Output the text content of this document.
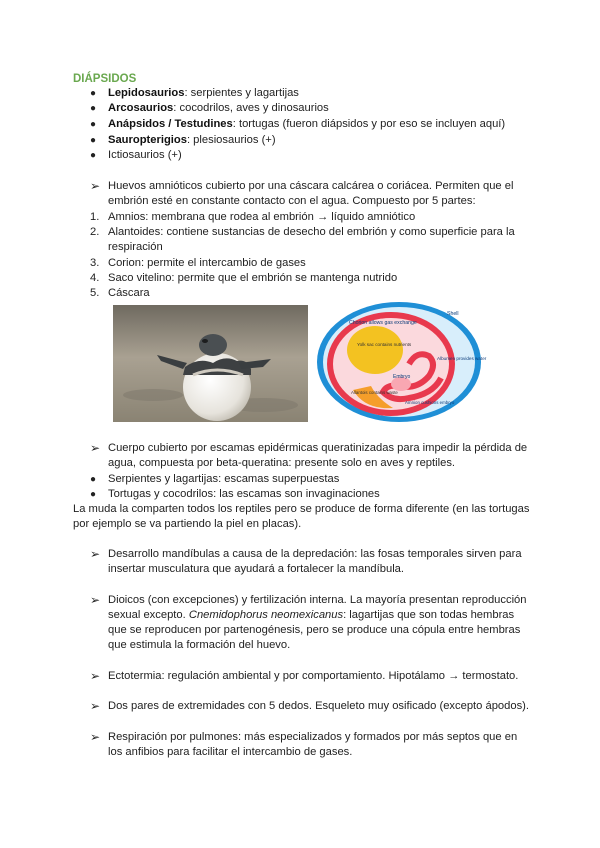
DIÁPSIDOS
● Lepidosaurios: serpientes y lagartijas
● Arcosaurios: cocodrilos, aves y dinosaurios
● Anápsidos / Testudines: tortugas (fueron diápsidos y por eso se incluyen aquí)
● Sauropterigios: plesiosaurios (+)
● Ictiosaurios (+)
➢ Huevos amnióticos cubierto por una cáscara calcárea o coriácea. Permiten que el
embrión esté en constante contacto con el agua. Compuesto por 5 partes:
1. Amnios: membrana que rodea al embrión → líquido amniótico
2. Alantoides: contiene sustancias de desecho del embrión y como superficie para la
respiración
3. Corion: permite el intercambio de gases
4. Saco vitelino: permite que el embrión se mantenga nutrido
5. Cáscara
Chorion allows gas exchange
Shell
Yolk sac contains nutrients
Albumen provides water
Embryo
Allantois contains waste
Amnion cushions embryo
➢ Cuerpo cubierto por escamas epidérmicas queratinizadas para impedir la pérdida de
agua, compuesta por beta-queratina: presente solo en aves y reptiles.
● Serpientes y lagartijas: escamas superpuestas
● Tortugas y cocodrilos: las escamas son invaginaciones
La muda la comparten todos los reptiles pero se produce de forma diferente (en las tortugas
por ejemplo se va partiendo la piel en placas).
➢ Desarrollo mandíbulas a causa de la depredación: las fosas temporales sirven para
insertar musculatura que ayudará a fortalecer la mandíbula.
➢ Dioicos (con excepciones) y fertilización interna. La mayoría presentan reproducción
sexual excepto. Cnemidophorus neomexicanus: lagartijas que son todas hembras
que se reproducen por partenogénesis, pero se produce una cópula entre hembras
que estimula la formación del huevo.
➢ Ectotermia: regulación ambiental y por comportamiento. Hipotálamo → termostato.
➢ Dos pares de extremidades con 5 dedos. Esqueleto muy osificado (excepto ápodos).
➢ Respiración por pulmones: más especializados y formados por más septos que en
los anfibios para facilitar el intercambio de gases.
